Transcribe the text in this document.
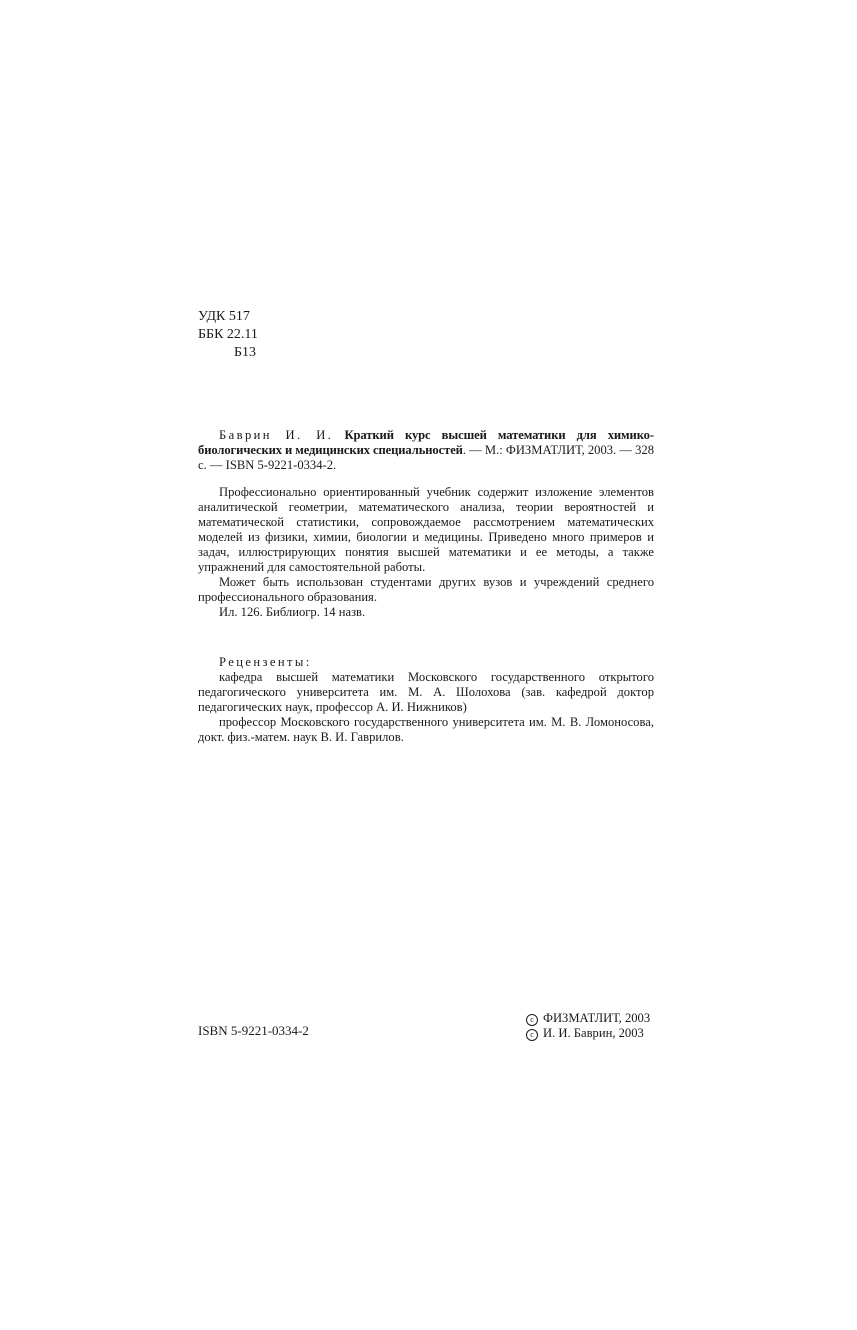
УДК 517
ББК 22.11
Б13

Баврин И. И. Краткий курс высшей математики для химико-биологических и медицинских специальностей. — М.: ФИЗМАТЛИТ, 2003. — 328 с. — ISBN 5-9221-0334-2.

Профессионально ориентированный учебник содержит изложение элементов аналитической геометрии, математического анализа, теории вероятностей и математической статистики, сопровождаемое рассмотрением математических моделей из физики, химии, биологии и медицины. Приведено много примеров и задач, иллюстрирующих понятия высшей математики и ее методы, а также упражнений для самостоятельной работы.

Может быть использован студентами других вузов и учреждений среднего профессионального образования.

Ил. 126. Библиогр. 14 назв.

Рецензенты:

кафедра высшей математики Московского государственного открытого педагогического университета им. М. А. Шолохова (зав. кафедрой доктор педагогических наук, профессор А. И. Нижников)

профессор Московского государственного университета им. М. В. Ломоносова, докт. физ.-матем. наук В. И. Гаврилов.

ISBN 5-9221-0334-2
c ФИЗМАТЛИТ, 2003
c И. И. Баврин, 2003
